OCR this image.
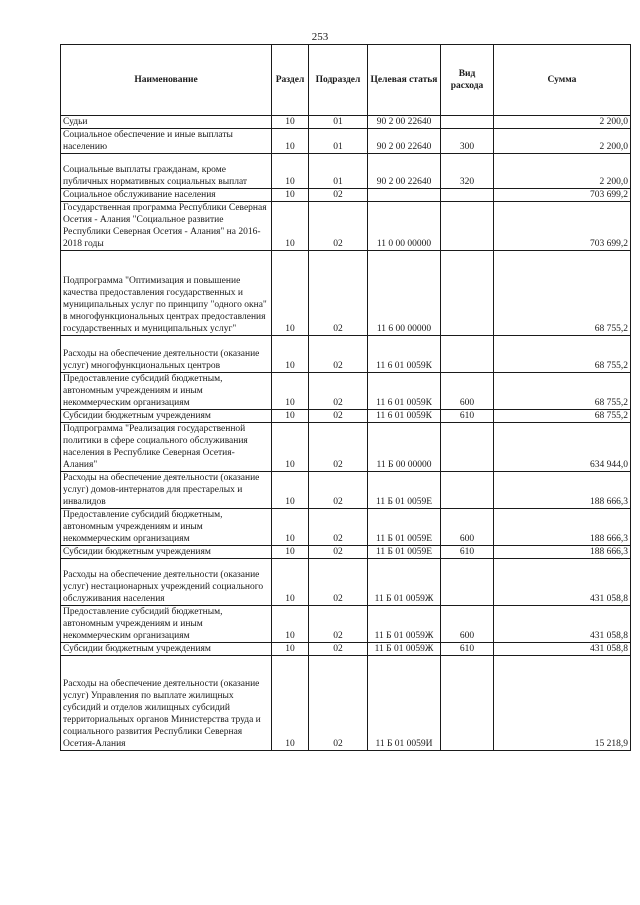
253
Наименование	Раздел	Подраздел	Целевая статья	Вид расхода	Сумма
Судьи	10	01	90 2 00 22640		2 200,0
Социальное обеспечение и иные выплаты населению	10	01	90 2 00 22640	300	2 200,0
Социальные выплаты гражданам, кроме публичных нормативных социальных выплат	10	01	90 2 00 22640	320	2 200,0
Социальное обслуживание населения	10	02			703 699,2
Государственная программа Республики Северная Осетия - Алания "Социальное развитие Республики Северная Осетия - Алания" на 2016-2018 годы	10	02	11 0 00 00000		703 699,2
Подпрограмма "Оптимизация и повышение качества предоставления государственных и муниципальных услуг по принципу "одного окна" в многофункциональных центрах предоставления государственных и муниципальных услуг"	10	02	11 6 00 00000		68 755,2
Расходы на обеспечение деятельности (оказание услуг) многофункциональных центров	10	02	11 6 01 0059К		68 755,2
Предоставление субсидий бюджетным, автономным учреждениям и иным некоммерческим организациям	10	02	11 6 01 0059К	600	68 755,2
Субсидии бюджетным учреждениям	10	02	11 6 01 0059К	610	68 755,2
Подпрограмма "Реализация государственной политики в сфере социального обслуживания населения в Республике Северная Осетия-Алания"	10	02	11 Б 00 00000		634 944,0
Расходы на обеспечение деятельности (оказание услуг) домов-интернатов для престарелых и инвалидов	10	02	11 Б 01 0059Е		188 666,3
Предоставление субсидий бюджетным, автономным учреждениям и иным некоммерческим организациям	10	02	11 Б 01 0059Е	600	188 666,3
Субсидии бюджетным учреждениям	10	02	11 Б 01 0059Е	610	188 666,3
Расходы на обеспечение деятельности (оказание услуг) нестационарных учреждений социального обслуживания населения	10	02	11 Б 01 0059Ж		431 058,8
Предоставление субсидий бюджетным, автономным учреждениям и иным некоммерческим организациям	10	02	11 Б 01 0059Ж	600	431 058,8
Субсидии бюджетным учреждениям	10	02	11 Б 01 0059Ж	610	431 058,8
Расходы на обеспечение деятельности (оказание услуг) Управления по выплате жилищных субсидий и отделов жилищных субсидий территориальных органов Министерства труда и социального развития Республики Северная Осетия-Алания	10	02	11 Б 01 0059И		15 218,9
